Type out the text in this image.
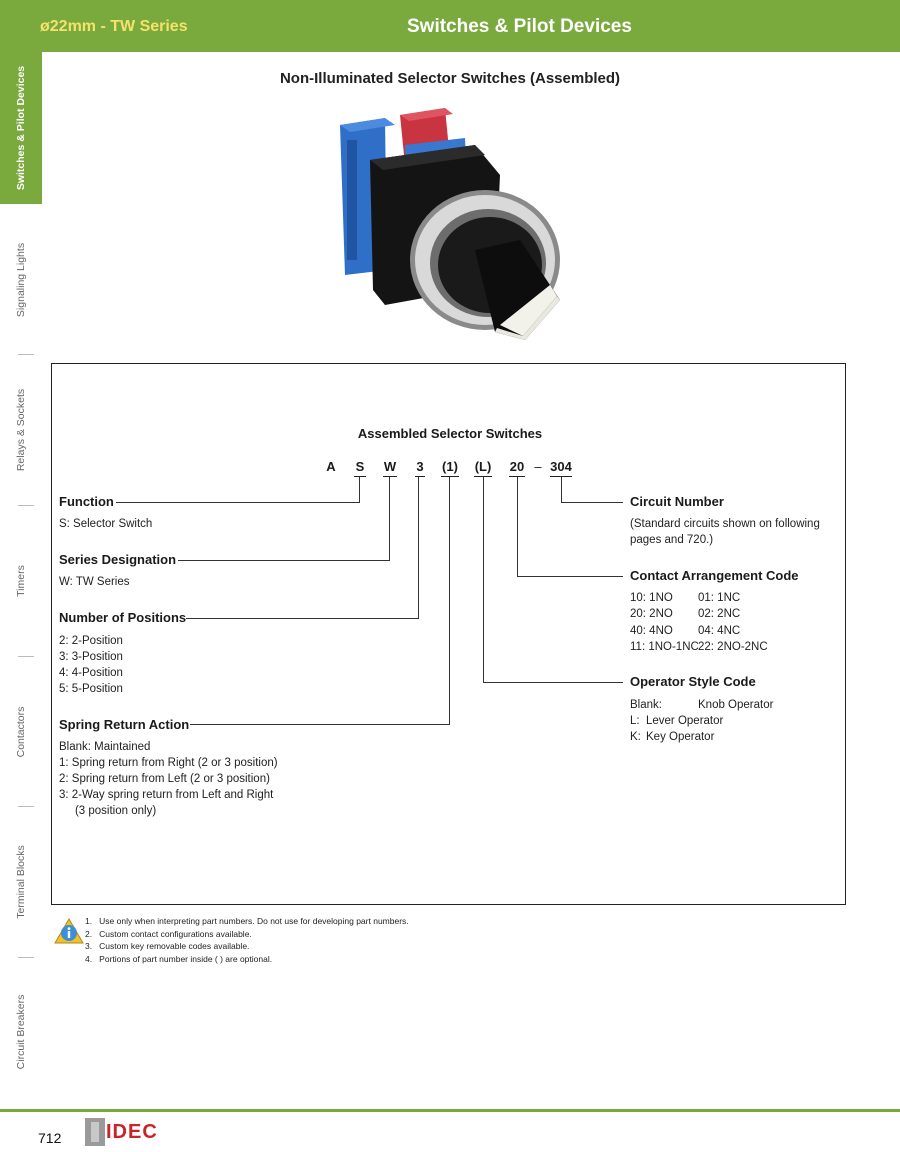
ø22mm - TW Series	Switches & Pilot Devices
Switches & Pilot Devices
Signaling Lights
Relays & Sockets
Timers
Contactors
Terminal Blocks
Circuit Breakers
Non-Illuminated Selector Switches (Assembled)
Assembled Selector Switches
A S W 3 (1) (L) 20 – 304
Function
S: Selector Switch
Series Designation
W: TW Series
Number of Positions
2: 2-Position
3: 3-Position
4: 4-Position
5: 5-Position
Spring Return Action
Blank: Maintained
1: Spring return from Right (2 or 3 position)
2: Spring return from Left (2 or 3 position)
3: 2-Way spring return from Left and Right
(3 position only)
Circuit Number
(Standard circuits shown on following
pages and 720.)
Contact Arrangement Code
10: 1NO 01: 1NC
20: 2NO 02: 2NC
40: 4NO 04: 4NC
11: 1NO-1NC 22: 2NO-2NC
Operator Style Code
Blank:	Knob Operator
L: Lever Operator
K: Key Operator
1.   Use only when interpreting part numbers. Do not use for developing part numbers.
2.   Custom contact configurations available.
3.   Custom key removable codes available.
4.   Portions of part number inside ( ) are optional.
712 IDEC
